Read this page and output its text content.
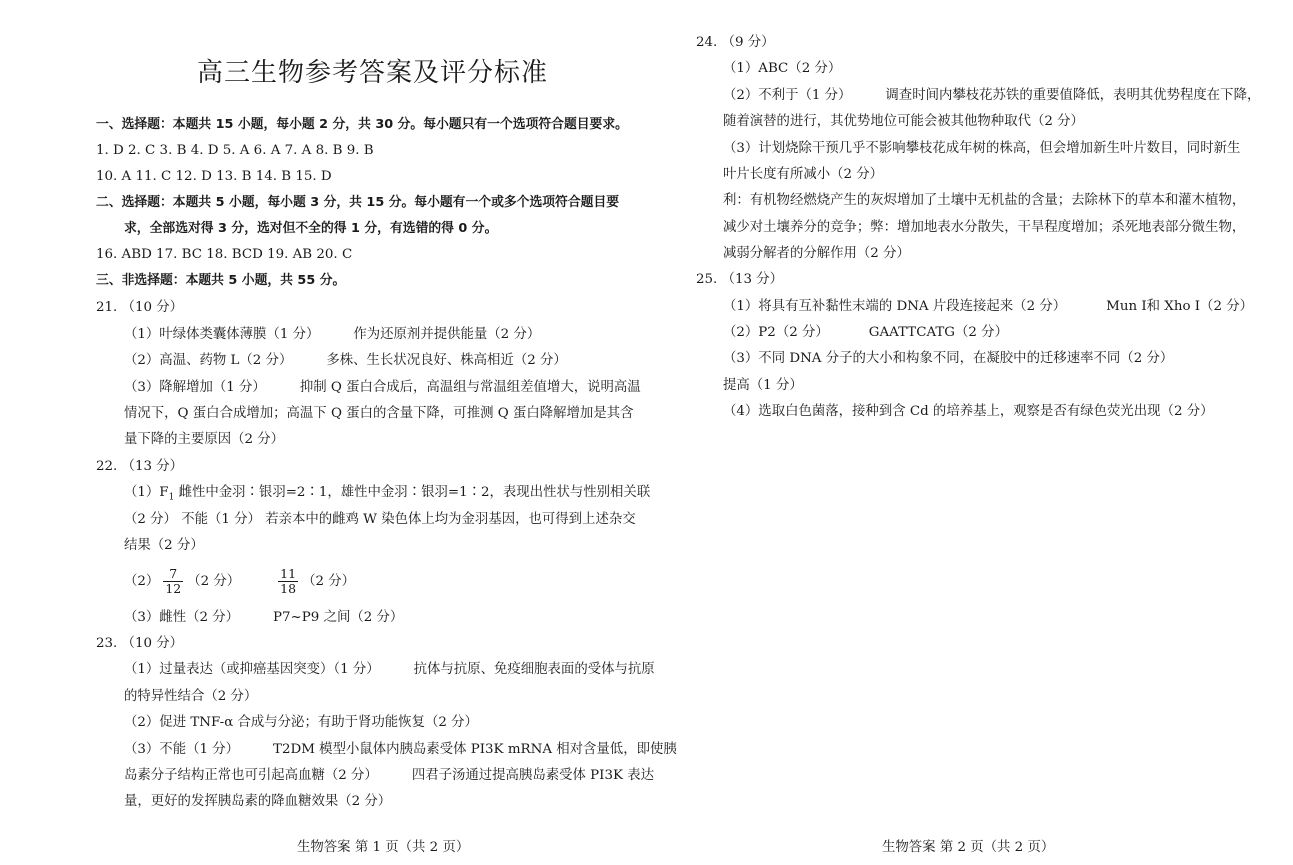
高三生物参考答案及评分标准
一、选择题：本题共 15 小题，每小题 2 分，共 30 分。每小题只有一个选项符合题目要求。
1. D 2. C 3. B 4. D 5. A 6. A 7. A 8. B 9. B
10. A 11. C 12. D 13. B 14. B 15. D
二、选择题：本题共 5 小题，每小题 3 分，共 15 分。每小题有一个或多个选项符合题目要
求，全部选对得 3 分，选对但不全的得 1 分，有选错的得 0 分。
16. ABD 17. BC 18. BCD 19. AB 20. C
三、非选择题：本题共 5 小题，共 55 分。
21. （10 分）
（1）叶绿体类囊体薄膜（1 分）	作为还原剂并提供能量（2 分）
（2）高温、药物 L（2 分）	多株、生长状况良好、株高相近（2 分）
（3）降解增加（1 分）	抑制 Q 蛋白合成后，高温组与常温组差值增大，说明高温
情况下，Q 蛋白合成增加；高温下 Q 蛋白的含量下降，可推测 Q 蛋白降解增加是其含
量下降的主要原因（2 分）
22. （13 分）
$(1)F_1$ 雌性中金羽∶银羽=2∶1，雄性中金羽∶银羽=1∶2，表现出性状与性别相关联
（2 分） 不能（1 分） 若亲本中的雌鸡 W 染色体上均为金羽基因，也可得到上述杂交
结果（2 分）
$(2) \frac{7}{12} (2$ 分）	$\frac{11}{18} (2$ 分）
（3）雌性（2 分）	P7~P9 之间（2 分）
23. （10 分）
（1）过量表达（或抑癌基因突变）（1 分）	抗体与抗原、免疫细胞表面的受体与抗原
的特异性结合（2 分）
（2）促进 TNF-α 合成与分泌；有助于肾功能恢复（2 分）
（3）不能（1 分）	T2DM 模型小鼠体内胰岛素受体 PI3K mRNA 相对含量低，即使胰
岛素分子结构正常也可引起高血糖（2 分）	四君子汤通过提高胰岛素受体 PI3K 表达
量，更好的发挥胰岛素的降血糖效果（2 分）
生物答案 第 1 页（共 2 页）
24. （9 分）
（1）ABC（2 分）
（2）不利于（1 分）	调查时间内攀枝花苏铁的重要值降低，表明其优势程度在下降，
随着演替的进行，其优势地位可能会被其他物种取代（2 分）
（3）计划烧除干预几乎不影响攀枝花成年树的株高，但会增加新生叶片数目，同时新生
叶片长度有所减小（2 分）
利：有机物经燃烧产生的灰烬增加了土壤中无机盐的含量；去除林下的草本和灌木植物，
减少对土壤养分的竞争；弊：增加地表水分散失，干旱程度增加；杀死地表部分微生物，
减弱分解者的分解作用（2 分）
25. （13 分）
（1）将具有互补黏性末端的 DNA 片段连接起来（2 分）	Mun Ⅰ和 Xho Ⅰ（2 分）
（2）P2（2 分）	GAATTCATG（2 分）
（3）不同 DNA 分子的大小和构象不同，在凝胶中的迁移速率不同（2 分）
提高（1 分）
（4）选取白色菌落，接种到含 Cd 的培养基上，观察是否有绿色荧光出现（2 分）
生物答案 第 2 页（共 2 页）
